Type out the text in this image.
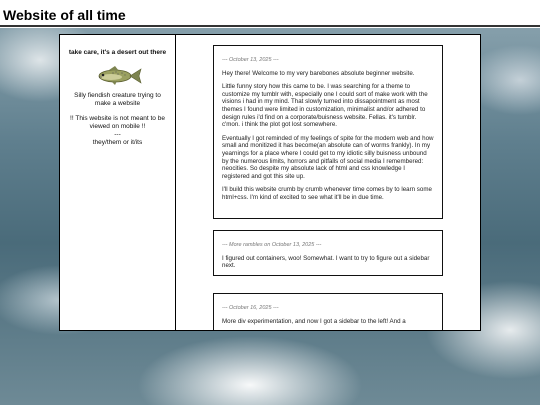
Website of all time
take care, it's a desert out there
Silly fiendish creature trying to make a website
!! This website is not meant to be viewed on mobile !!
---
they/them or it/its
--- October 13, 2025 ---

Hey there! Welcome to my very barebones absolute beginner website.

Little funny story how this came to be. I was searching for a theme to customize my tumblr with, especially one I could sort of make work with the visions i had in my mind. That slowly turned into dissapointment as most themes I found were limited in customization, minimalist and/or adhered to design rules i'd find on a corporate/buisness website. Fellas. it's tumblr. c'mon. i think the plot got lost somewhere.

Eventually I got reminded of my feelings of spite for the modern web and how small and monitized it has become(an absolute can of worms frankly). In my yearnings for a place where I could get to my idiotic silly buisness unbound by the numerous limits, horrors and pitfalls of social media I remembered: neocities. So despite my absolute lack of html and css knowledge I registered and got this site up.

I'll build this website crumb by crumb whenever time comes by to learn some html+css. I'm kind of excited to see what it'll be in due time.

--- More rambles on October 13, 2025 ---

I figured out containers, woo! Somewhat. I want to try to figure out a sidebar next.

--- October 16, 2025 ---

More div experimentation, and now I got a sidebar to the left! And a
